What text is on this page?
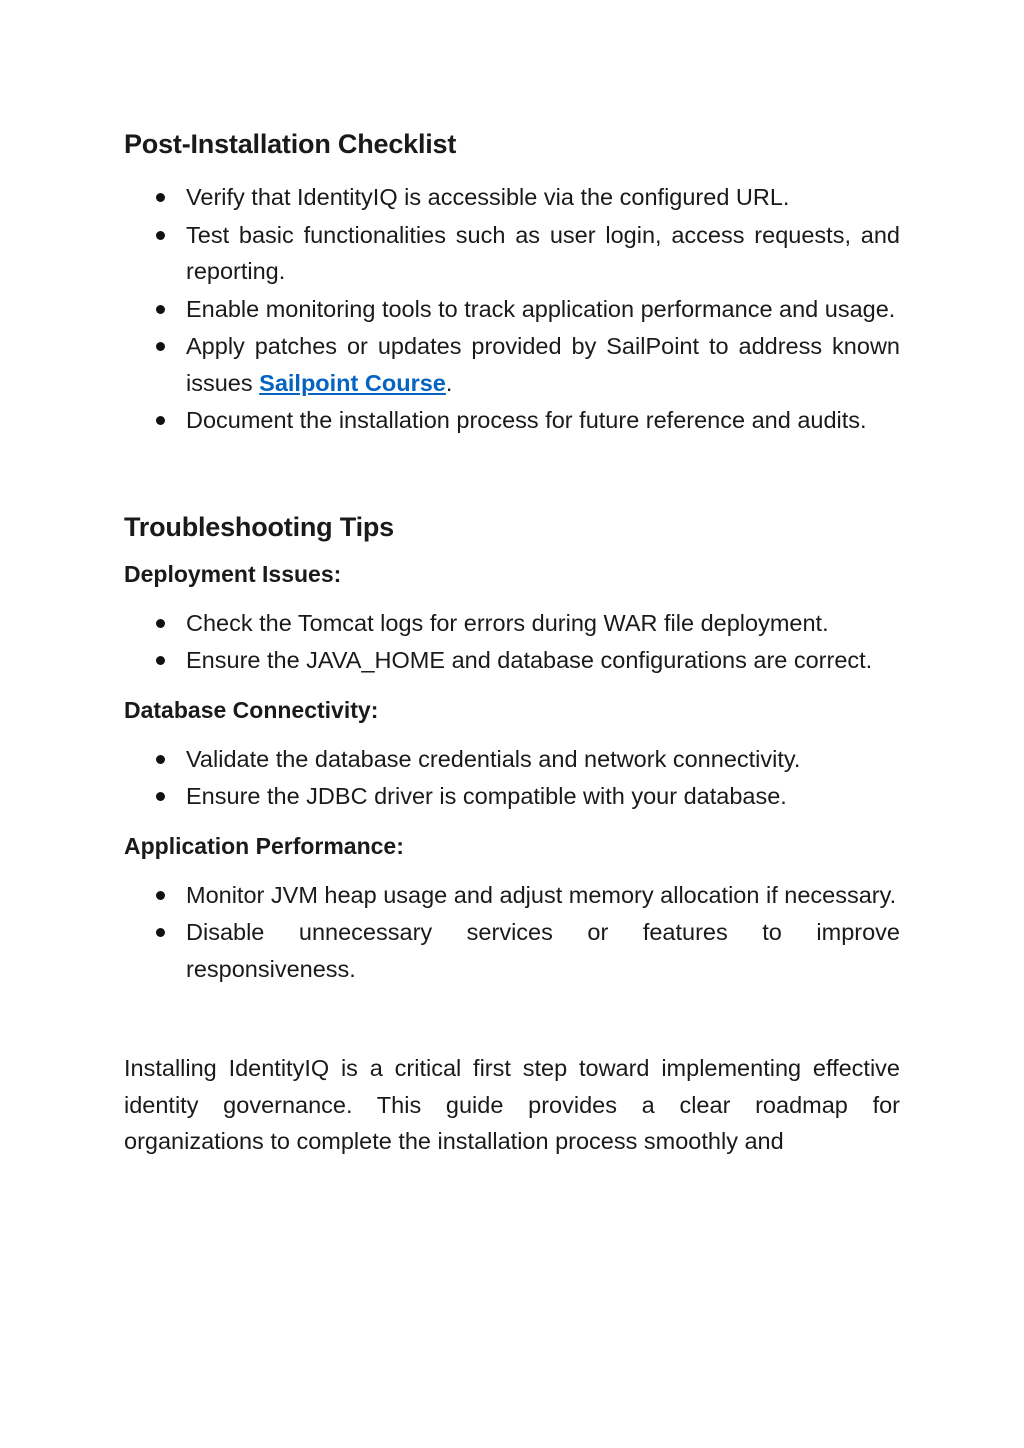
Post-Installation Checklist
Verify that IdentityIQ is accessible via the configured URL.
Test basic functionalities such as user login, access requests, and reporting.
Enable monitoring tools to track application performance and usage.
Apply patches or updates provided by SailPoint to address known issues Sailpoint Course.
Document the installation process for future reference and audits.
Troubleshooting Tips
Deployment Issues:
Check the Tomcat logs for errors during WAR file deployment.
Ensure the JAVA_HOME and database configurations are correct.
Database Connectivity:
Validate the database credentials and network connectivity.
Ensure the JDBC driver is compatible with your database.
Application Performance:
Monitor JVM heap usage and adjust memory allocation if necessary.
Disable unnecessary services or features to improve responsiveness.

Installing IdentityIQ is a critical first step toward implementing effective identity governance. This guide provides a clear roadmap for organizations to complete the installation process smoothly and
